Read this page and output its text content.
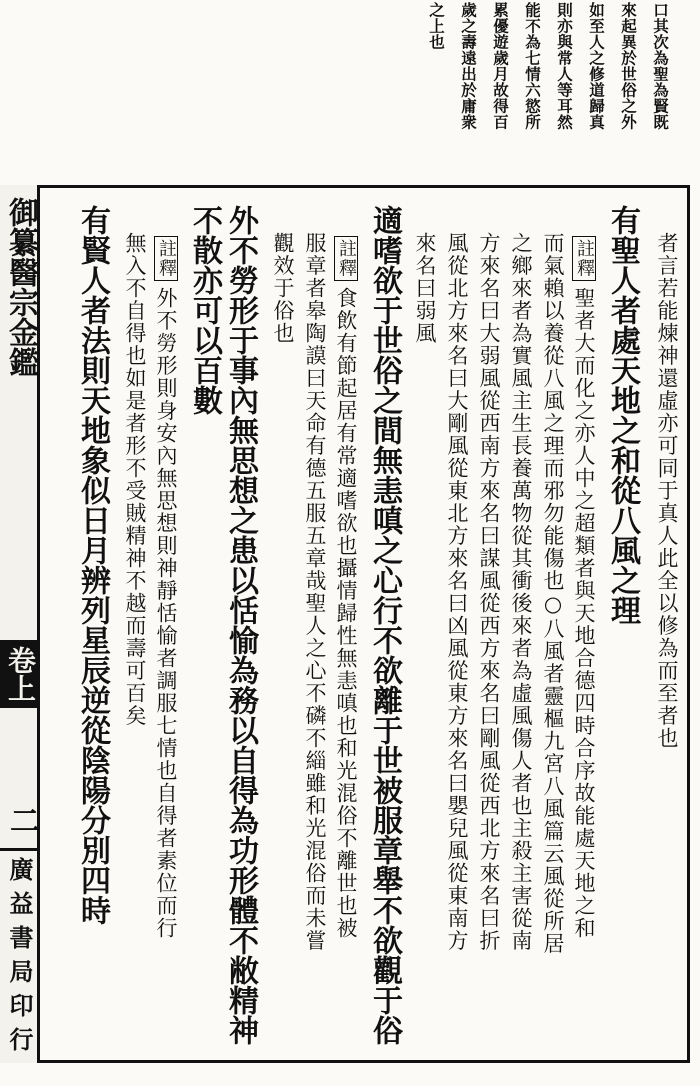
口其次為聖為賢既
來起異於世俗之外
如至人之修道歸真
則亦與常人等耳然
能不為七情六慾所
累優遊歲月故得百
歲之壽遠出於庸衆
之上也
御纂醫宗金鑑
卷上
二
廣益書局印行
者言若能煉神還虛亦可同于真人此全以修為而至者也
有聖人者處天地之和從八風之理
註釋聖者大而化之亦人中之超類者與天地合德四時合序故能處天地之和
而氣賴以養從八風之理而邪勿能傷也○八風者靈樞九宮八風篇云風從所居
之鄉來者為實風主生長養萬物從其衝後來者為虛風傷人者也主殺主害從南
方來名曰大弱風從西南方來名曰謀風從西方來名曰剛風從西北方來名曰折
風從北方來名曰大剛風從東北方來名曰凶風從東方來名曰嬰兒風從東南方
來名曰弱風
適嗜欲于世俗之間無恚嗔之心行不欲離于世被服章舉不欲觀于俗
註釋食飲有節起居有常適嗜欲也攝情歸性無恚嗔也和光混俗不離世也被
服章者皋陶謨曰天命有德五服五章哉聖人之心不磷不緇雖和光混俗而未嘗
觀效于俗也
外不勞形于事內無思想之患以恬愉為務以自得為功形體不敝精神
不散亦可以百數
註釋外不勞形則身安內無思想則神靜恬愉者調服七情也自得者素位而行
無入不自得也如是者形不受賊精神不越而壽可百矣
有賢人者法則天地象似日月辨列星辰逆從陰陽分別四時
